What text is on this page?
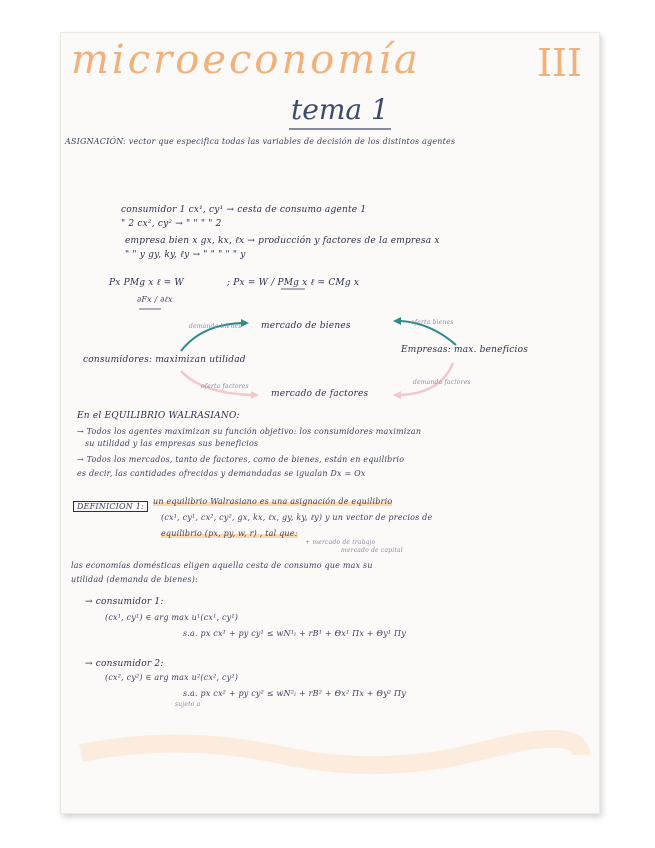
microeconomía	III
tema 1
ASIGNACIÓN: vector que especifica todas las variables de decisión de los distintos agentes
consumidor 1 cx¹, cy¹ → cesta de consumo agente 1
" 2 cx², cy² → " " " " 2
empresa bien x gx, kx, ℓx → producción y factores de la empresa x
" " y gy, ky, ℓy → " " " " " y
Px PMg x ℓ = W
∂Fx / ∂ℓx
; Px = W / PMg x ℓ = CMg x
mercado de bienes
mercado de factores
consumidores: maximizan utilidad
Empresas: max. beneficios
demanda bienes
oferta bienes
oferta factores
demanda factores
En el EQUILIBRIO WALRASIANO:
→ Todos los agentes maximizan su función objetivo: los consumidores maximizan
su utilidad y las empresas sus beneficios
→ Todos los mercados, tanto de factores, como de bienes, están en equilibrio
es decir, las cantidades ofrecidas y demandadas se igualan Dx = Ox
DEFINICIÓN 1:
un equilibrio Walrasiano es una asignación de equilibrio
(cx¹, cy¹, cx², cy², gx, kx, ℓx, gy, ky, ℓy) y un vector de precios de
equilibrio (px, py, w, r) , tal que:
+ mercado de trabajo
mercado de capital
las economías domésticas eligen aquella cesta de consumo que max su
utilidad (demanda de bienes):
→ consumidor 1:
(cx¹, cy¹) ∈ arg max u¹(cx¹, cy¹)
s.a. px cx¹ + py cy¹ ≤ wN¹ₗ + rB¹ + Θx¹ Πx + Θy¹ Πy
→ consumidor 2:
(cx², cy²) ∈ arg max u²(cx², cy²)
s.a. px cx² + py cy² ≤ wN²ₗ + rB² + Θx² Πx + Θy² Πy
sujeto a
